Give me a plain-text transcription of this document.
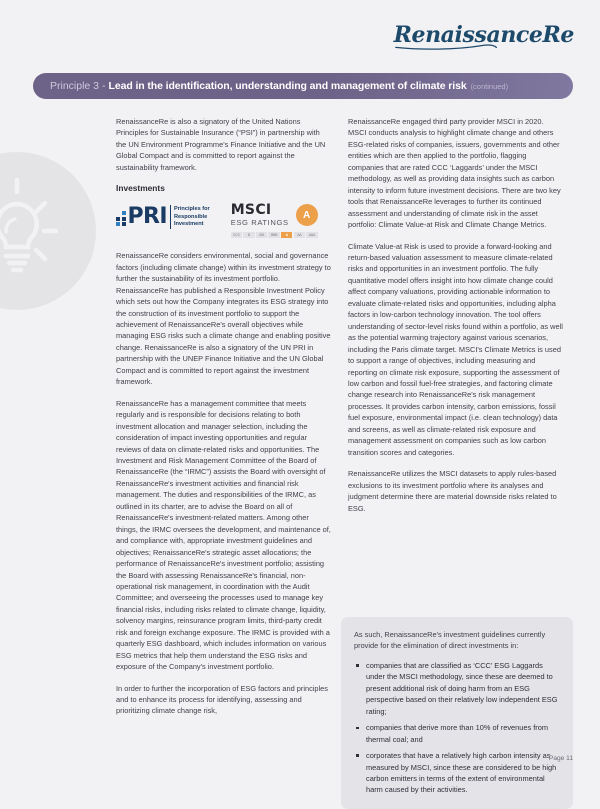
RenaissanceRe
Principle 3 - Lead in the identification, understanding and management of climate risk (continued)

RenaissanceRe is also a signatory of the United Nations Principles for Sustainable Insurance (“PSI”) in partnership with the UN Environment Programme's Finance Initiative and the UN Global Compact and is committed to report against the sustainability framework.

Investments
PRI Principles for
Responsible
Investment
MSCI
ESG RATINGS
A
CCC	B	BB	BBB	A	AA	AAA

RenaissanceRe considers environmental, social and governance factors (including climate change) within its investment strategy to further the sustainability of its investment portfolio. RenaissanceRe has published a Responsible Investment Policy which sets out how the Company integrates its ESG strategy into the construction of its investment portfolio to support the achievement of RenaissanceRe's overall objectives while managing ESG risks such a climate change and enabling positive change. RenaissanceRe is also a signatory of the UN PRI in partnership with the UNEP Finance Initiative and the UN Global Compact and is committed to report against the investment framework.

RenaissanceRe has a management committee that meets regularly and is responsible for decisions relating to both investment allocation and manager selection, including the consideration of impact investing opportunities and regular reviews of data on climate-related risks and opportunities. The Investment and Risk Management Committee of the Board of RenaissanceRe (the “IRMC”) assists the Board with oversight of RenaissanceRe's investment activities and financial risk management. The duties and responsibilities of the IRMC, as outlined in its charter, are to advise the Board on all of RenaissanceRe's investment-related matters. Among other things, the IRMC oversees the development, and maintenance of, and compliance with, appropriate investment guidelines and objectives; RenaissanceRe's strategic asset allocations; the performance of RenaissanceRe's investment portfolio; assisting the Board with assessing RenaissanceRe's financial, non-operational risk management, in coordination with the Audit Committee; and overseeing the processes used to manage key financial risks, including risks related to climate change, liquidity, solvency margins, reinsurance program limits, third-party credit risk and foreign exchange exposure. The IRMC is provided with a quarterly ESG dashboard, which includes information on various ESG metrics that help them understand the ESG risks and exposure of the Company's investment portfolio.

In order to further the incorporation of ESG factors and principles and to enhance its process for identifying, assessing and prioritizing climate change risk,

RenaissanceRe engaged third party provider MSCI in 2020. MSCI conducts analysis to highlight climate change and others ESG-related risks of companies, issuers, governments and other entities which are then applied to the portfolio, flagging companies that are rated CCC ‘Laggards’ under the MSCI methodology, as well as providing data insights such as carbon intensity to inform future investment decisions. There are two key tools that RenaissanceRe leverages to further its continued assessment and understanding of climate risk in the asset portfolio: Climate Value-at Risk and Climate Change Metrics.

Climate Value-at Risk is used to provide a forward-looking and return-based valuation assessment to measure climate-related risks and opportunities in an investment portfolio. The fully quantitative model offers insight into how climate change could affect company valuations, providing actionable information to evaluate climate-related risks and opportunities, including alpha factors in low-carbon technology innovation. The tool offers understanding of sector-level risks found within a portfolio, as well as the potential warming trajectory against various scenarios, including the Paris climate target. MSCI's Climate Metrics is used to support a range of objectives, including measuring and reporting on climate risk exposure, supporting the assessment of low carbon and fossil fuel-free strategies, and factoring climate change research into RenaissanceRe's risk management processes. It provides carbon intensity, carbon emissions, fossil fuel exposure, environmental impact (i.e. clean technology) data and screens, as well as climate-related risk exposure and management assessment on companies such as low carbon transition scores and categories.

RenaissanceRe utilizes the MSCI datasets to apply rules-based exclusions to its investment portfolio where its analyses and judgment determine there are material downside risks related to ESG.

As such, RenaissanceRe's investment guidelines currently provide for the elimination of direct investments in:

companies that are classified as ‘CCC’ ESG Laggards under the MSCI methodology, since these are deemed to present additional risk of doing harm from an ESG perspective based on their relatively low independent ESG rating;
companies that derive more than 10% of revenues from thermal coal; and
corporates that have a relatively high carbon intensity as measured by MSCI, since these are considered to be high carbon emitters in terms of the extent of environmental harm caused by their activities.
Page 11
